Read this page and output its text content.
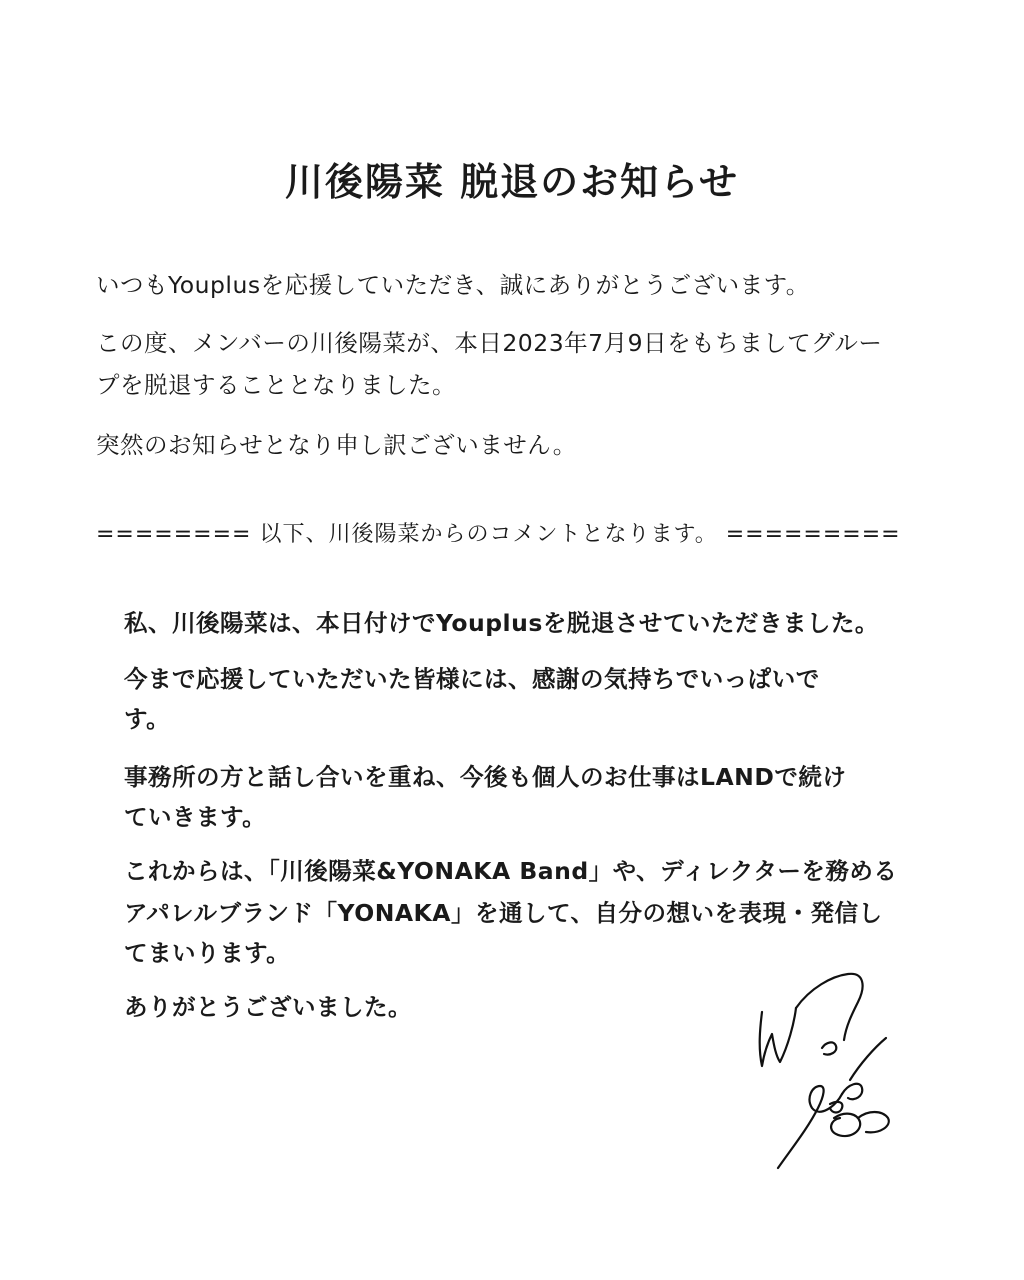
川後陽菜 脱退のお知らせ
いつもYouplusを応援していただき、誠にありがとうございます。
この度、メンバーの川後陽菜が、本日2023年7月9日をもちましてグルー
プを脱退することとなりました。
突然のお知らせとなり申し訳ございません。
======== 以下、川後陽菜からのコメントとなります。 =========
私、川後陽菜は、本日付けでYouplusを脱退させていただきました。
今まで応援していただいた皆様には、感謝の気持ちでいっぱいで
す。
事務所の方と話し合いを重ね、今後も個人のお仕事はLANDで続け
ていきます。
これからは、「川後陽菜&YONAKA Band」や、ディレクターを務める
アパレルブランド「YONAKA」を通して、自分の想いを表現・発信し
てまいります。
ありがとうございました。
